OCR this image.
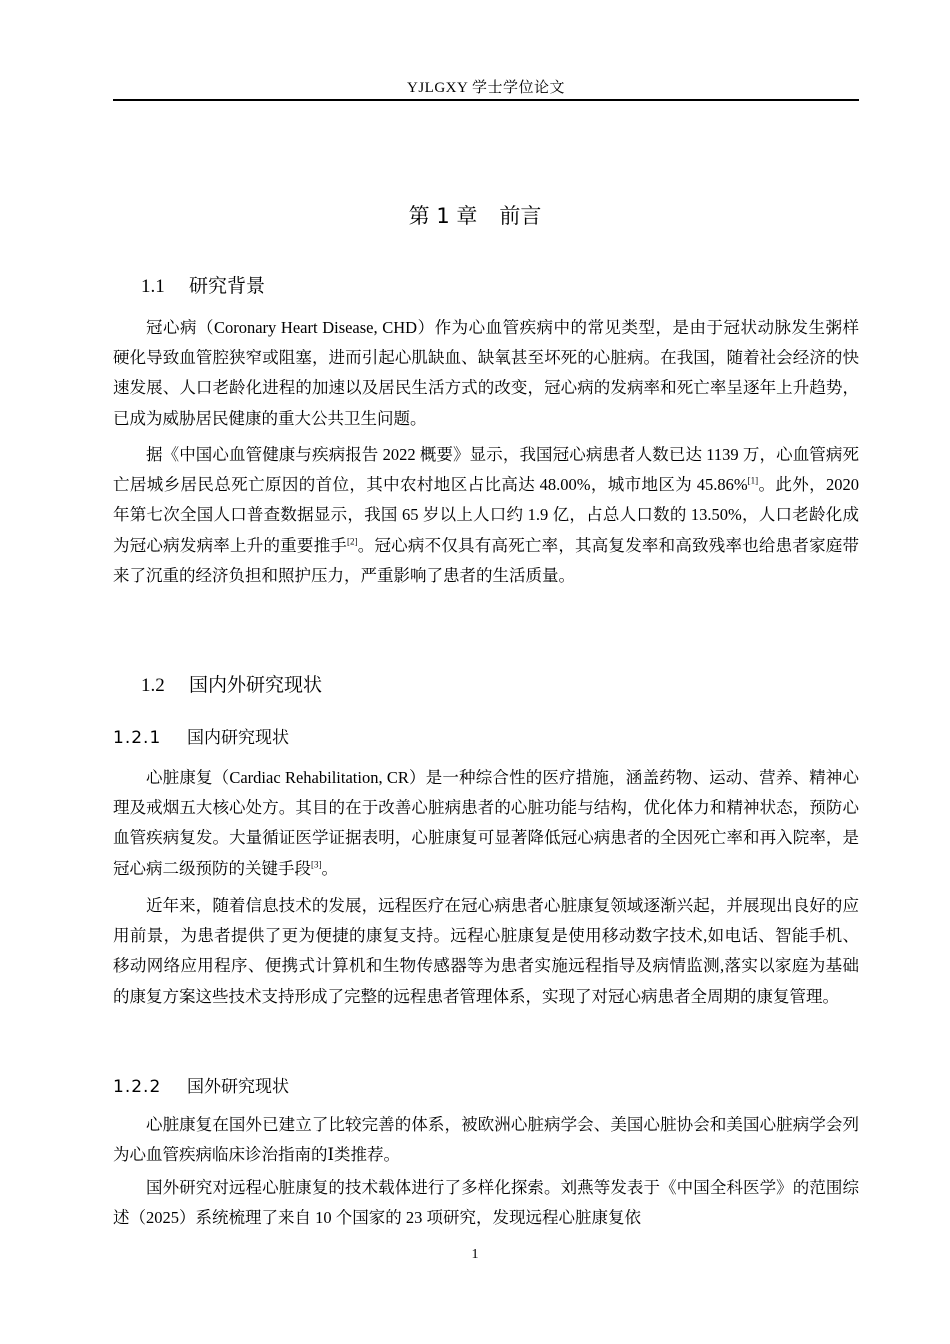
YJLGXY 学士学位论文
第 1 章 前言
1.1 研究背景

冠心病（Coronary Heart Disease, CHD）作为心血管疾病中的常见类型，是由于冠状动脉发生粥样硬化导致血管腔狭窄或阻塞，进而引起心肌缺血、缺氧甚至坏死的心脏病。在我国，随着社会经济的快速发展、人口老龄化进程的加速以及居民生活方式的改变，冠心病的发病率和死亡率呈逐年上升趋势，已成为威胁居民健康的重大公共卫生问题。

据《中国心血管健康与疾病报告 2022 概要》显示，我国冠心病患者人数已达 1139 万，心血管病死亡居城乡居民总死亡原因的首位，其中农村地区占比高达 48.00%，城市地区为 45.86%[1]。此外，2020 年第七次全国人口普查数据显示，我国 65 岁以上人口约 1.9 亿，占总人口数的 13.50%，人口老龄化成为冠心病发病率上升的重要推手[2]。冠心病不仅具有高死亡率，其高复发率和高致残率也给患者家庭带来了沉重的经济负担和照护压力，严重影响了患者的生活质量。

1.2 国内外研究现状
1.2.1 国内研究现状

心脏康复（Cardiac Rehabilitation, CR）是一种综合性的医疗措施，涵盖药物、运动、营养、精神心理及戒烟五大核心处方。其目的在于改善心脏病患者的心脏功能与结构，优化体力和精神状态，预防心血管疾病复发。大量循证医学证据表明，心脏康复可显著降低冠心病患者的全因死亡率和再入院率，是冠心病二级预防的关键手段[3]。

近年来，随着信息技术的发展，远程医疗在冠心病患者心脏康复领域逐渐兴起，并展现出良好的应用前景，为患者提供了更为便捷的康复支持。远程心脏康复是使用移动数字技术,如电话、智能手机、移动网络应用程序、便携式计算机和生物传感器等为患者实施远程指导及病情监测,落实以家庭为基础的康复方案这些技术支持形成了完整的远程患者管理体系，实现了对冠心病患者全周期的康复管理。

1.2.2 国外研究现状

心脏康复在国外已建立了比较完善的体系，被欧洲心脏病学会、美国心脏协会和美国心脏病学会列为心血管疾病临床诊治指南的Ⅰ类推荐。

国外研究对远程心脏康复的技术载体进行了多样化探索。刘燕等发表于《中国全科医学》的范围综述（2025）系统梳理了来自 10 个国家的 23 项研究，发现远程心脏康复依

1
